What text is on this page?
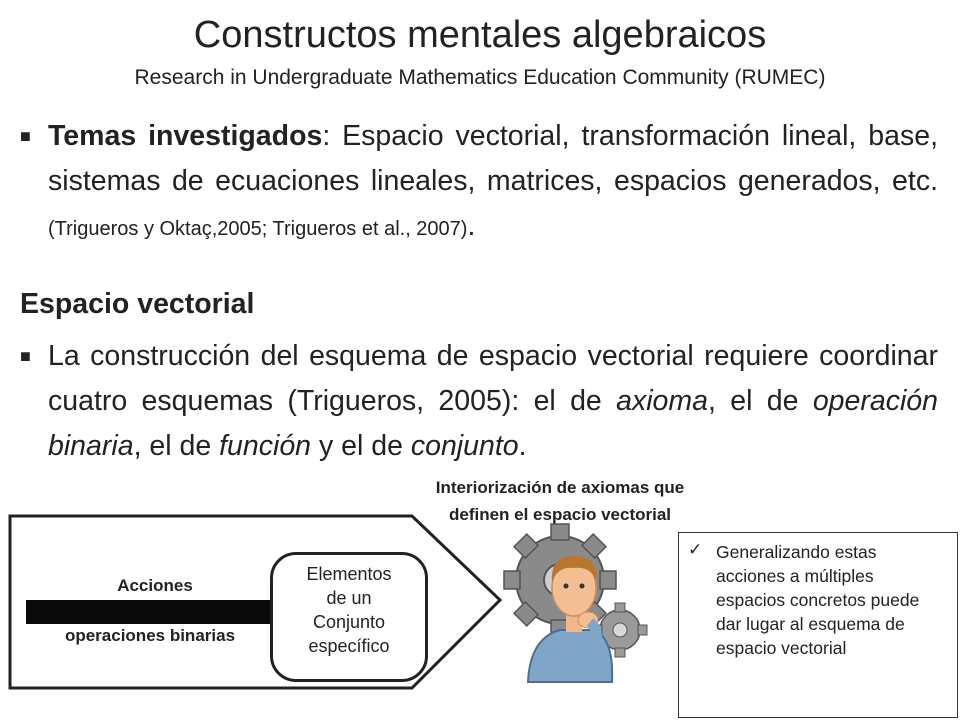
Constructos mentales algebraicos
Research in Undergraduate Mathematics Education Community (RUMEC)
■ Temas investigados: Espacio vectorial, transformación lineal, base, sistemas de ecuaciones lineales, matrices, espacios generados, etc. (Trigueros y Oktaç,2005; Trigueros et al., 2007).
Espacio vectorial
■ La construcción del esquema de espacio vectorial requiere coordinar cuatro esquemas (Trigueros, 2005): el de axioma, el de operación binaria, el de función y el de conjunto.
Interiorización de axiomas que
definen el espacio vectorial
Acciones
operaciones binarias
Elementos
de un
Conjunto
específico
✓ Generalizando estas acciones a múltiples espacios concretos puede dar lugar al esquema de espacio vectorial
